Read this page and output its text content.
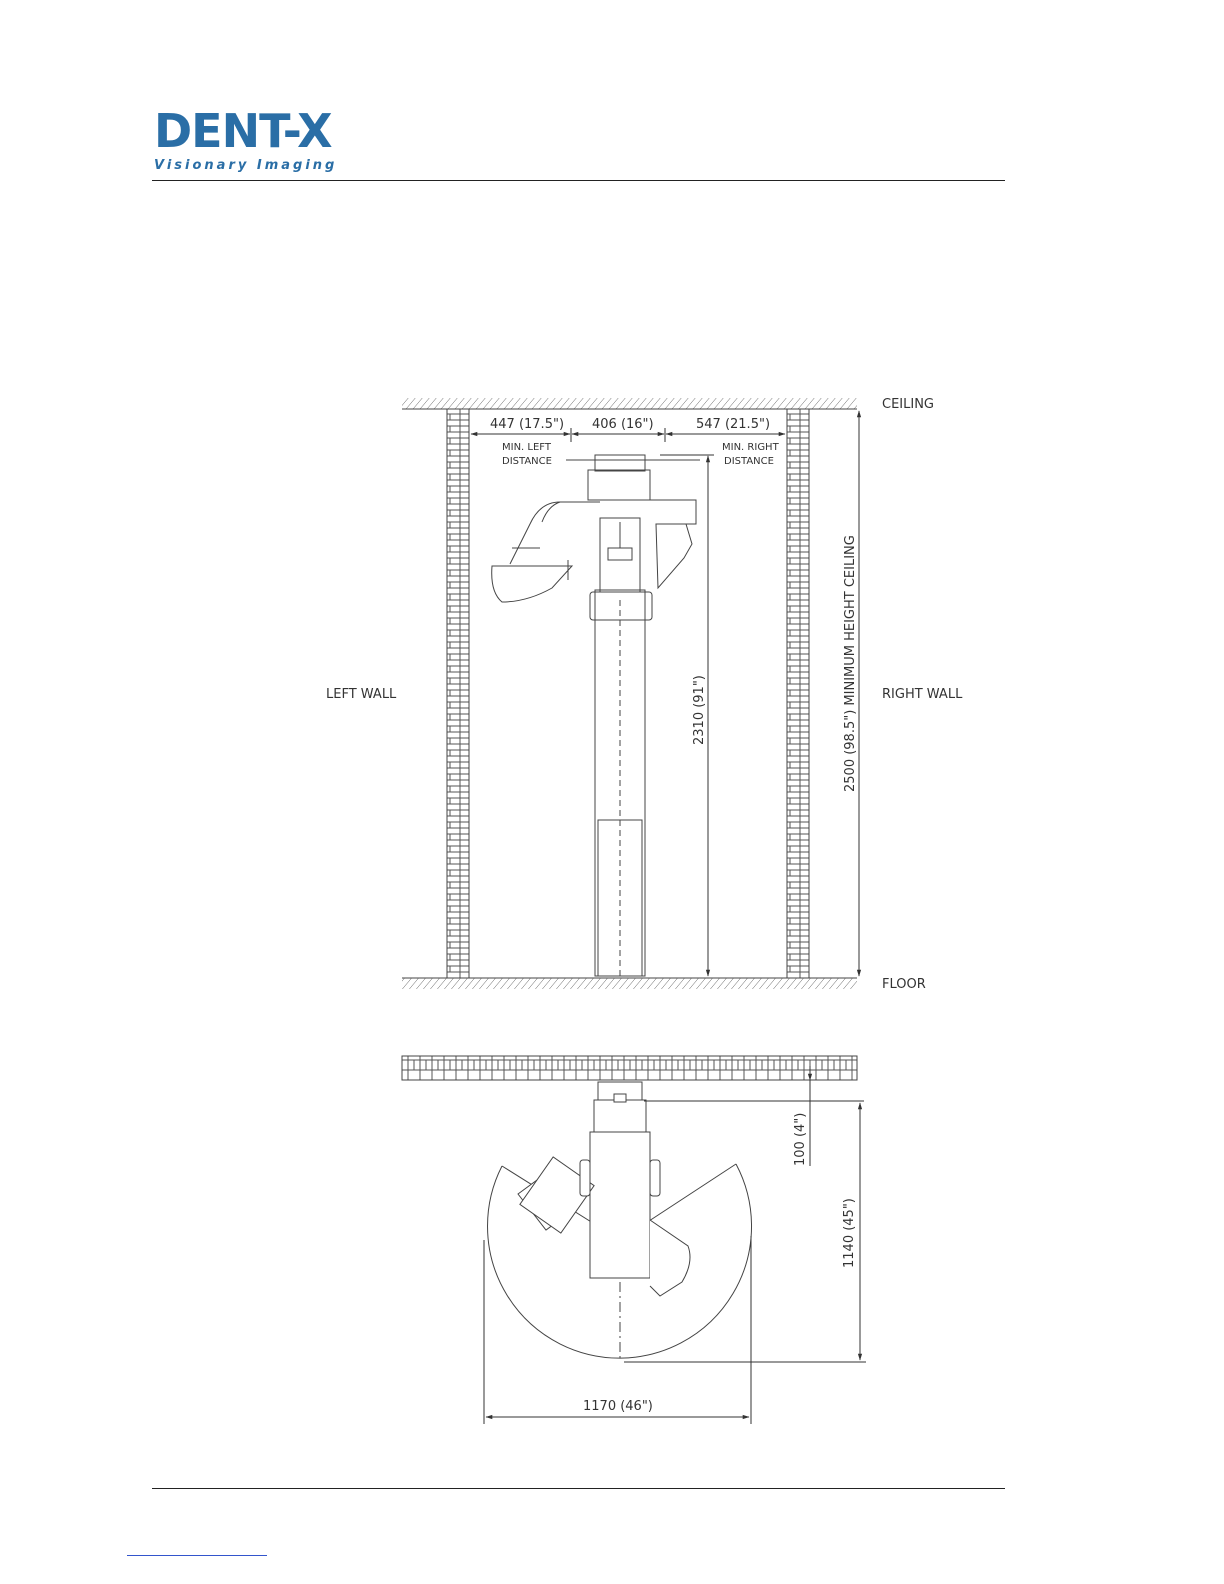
DENT-X
Visionary Imaging
CEILING
FLOOR
LEFT WALL	RIGHT WALL
447 (17.5") 406 (16")	547 (21.5")
MIN. LEFT
DISTANCE
MIN. RIGHT
DISTANCE
2310 (91")	2500 (98.5") MINIMUM HEIGHT CEILING
100 (4")
1140 (45")
1170 (46")
